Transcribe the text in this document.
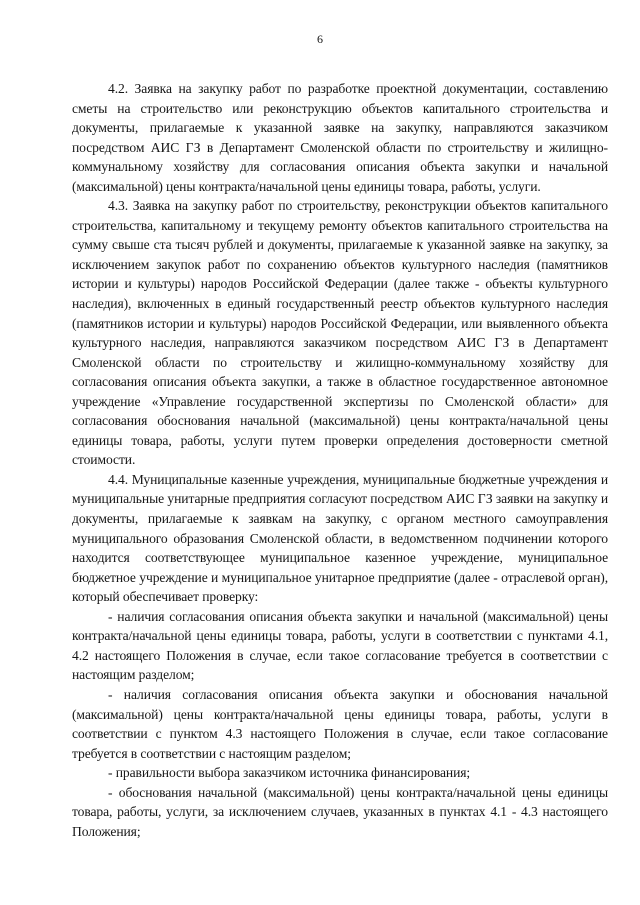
6

4.2. Заявка на закупку работ по разработке проектной документации, составлению сметы на строительство или реконструкцию объектов капитального строительства и документы, прилагаемые к указанной заявке на закупку, направляются заказчиком посредством АИС ГЗ в Департамент Смоленской области по строительству и жилищно-коммунальному хозяйству для согласования описания объекта закупки и начальной (максимальной) цены контракта/начальной цены единицы товара, работы, услуги.

4.3. Заявка на закупку работ по строительству, реконструкции объектов капитального строительства, капитальному и текущему ремонту объектов капитального строительства на сумму свыше ста тысяч рублей и документы, прилагаемые к указанной заявке на закупку, за исключением закупок работ по сохранению объектов культурного наследия (памятников истории и культуры) народов Российской Федерации (далее также - объекты культурного наследия), включенных в единый государственный реестр объектов культурного наследия (памятников истории и культуры) народов Российской Федерации, или выявленного объекта культурного наследия, направляются заказчиком посредством АИС ГЗ в Департамент Смоленской области по строительству и жилищно-коммунальному хозяйству для согласования описания объекта закупки, а также в областное государственное автономное учреждение «Управление государственной экспертизы по Смоленской области» для согласования обоснования начальной (максимальной) цены контракта/начальной цены единицы товара, работы, услуги путем проверки определения достоверности сметной стоимости.

4.4. Муниципальные казенные учреждения, муниципальные бюджетные учреждения и муниципальные унитарные предприятия согласуют посредством АИС ГЗ заявки на закупку и документы, прилагаемые к заявкам на закупку, с органом местного самоуправления муниципального образования Смоленской области, в ведомственном подчинении которого находится соответствующее муниципальное казенное учреждение, муниципальное бюджетное учреждение и муниципальное унитарное предприятие (далее - отраслевой орган), который обеспечивает проверку:

- наличия согласования описания объекта закупки и начальной (максимальной) цены контракта/начальной цены единицы товара, работы, услуги в соответствии с пунктами 4.1, 4.2 настоящего Положения в случае, если такое согласование требуется в соответствии с настоящим разделом;

- наличия согласования описания объекта закупки и обоснования начальной (максимальной) цены контракта/начальной цены единицы товара, работы, услуги в соответствии с пунктом 4.3 настоящего Положения в случае, если такое согласование требуется в соответствии с настоящим разделом;

- правильности выбора заказчиком источника финансирования;

- обоснования начальной (максимальной) цены контракта/начальной цены единицы товара, работы, услуги, за исключением случаев, указанных в пунктах 4.1 - 4.3 настоящего Положения;
